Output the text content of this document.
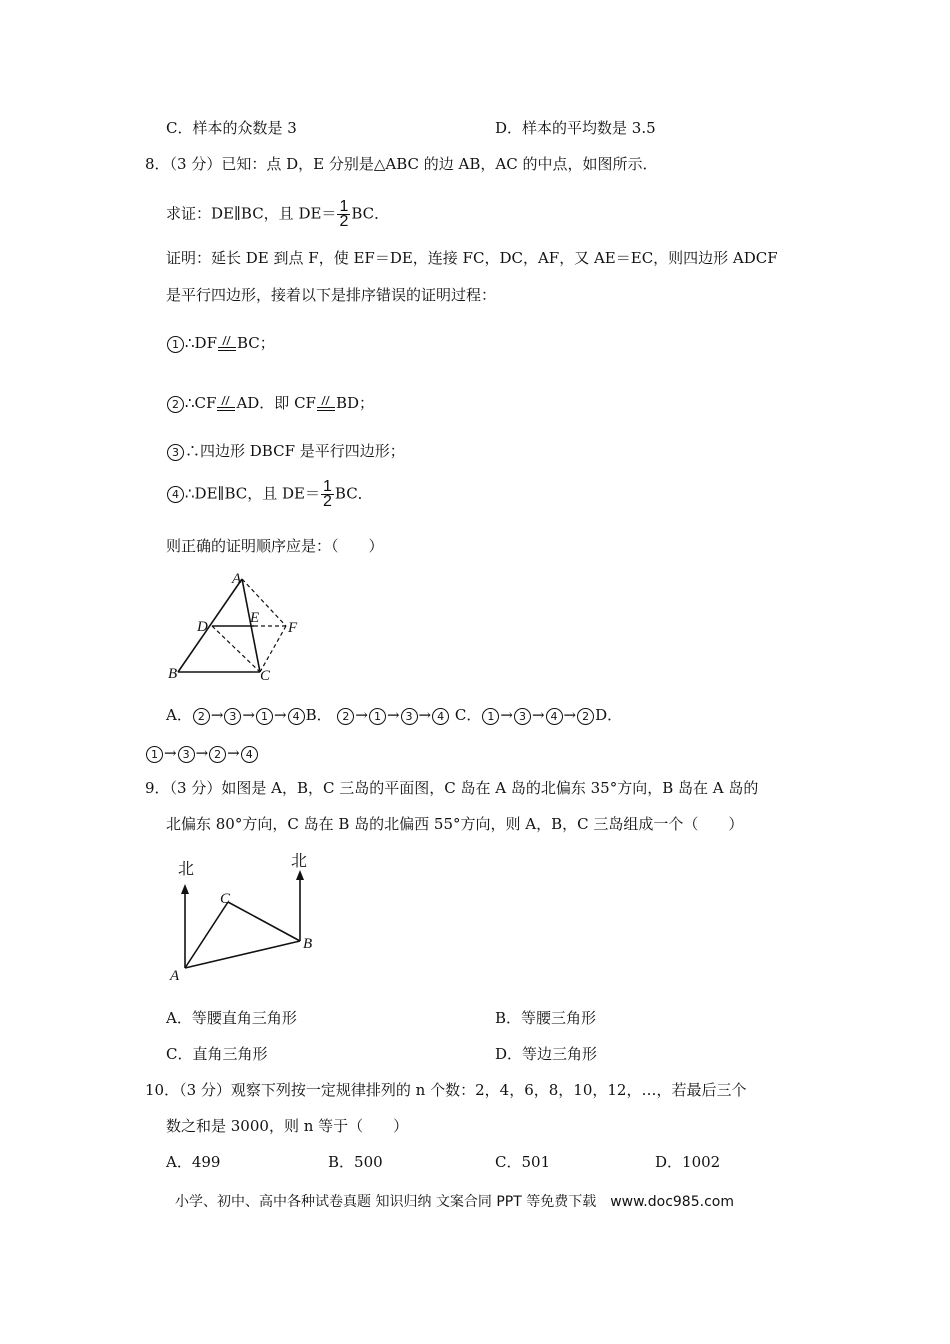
C．样本的众数是 3	D．样本的平均数是 3.5
8．（3 分）已知：点 D，E 分别是△ABC 的边 AB，AC 的中点，如图所示．
求证：DE∥BC，且 $DE= \frac{1}{2}$ BC．
证明：延长 DE 到点 F，使 EF＝DE，连接 FC，DC，AF，又 AE＝EC，则四边形 ADCF
是平行四边形，接着以下是排序错误的证明过程：
1 ∴DF BC；
2 ∴CF AD．即 CF BD；
3 ∴四边形 DBCF 是平行四边形；
4 ∴DE∥BC，且 $DE= \frac{1}{2}$ BC．
则正确的证明顺序应是：（　　）
A
B	C
D
E
F
A． 2 → 3 → 1 → 4 B． 2 → 1 → 3 → 4 C． 1 → 3 → 4 → 2 D．
1 → 3 → 2 → 4
9．（3 分）如图是 A，B，C 三岛的平面图，C 岛在 A 岛的北偏东 35°方向，B 岛在 A 岛的
北偏东 80°方向，C 岛在 B 岛的北偏西 55°方向，则 A，B，C 三岛组成一个（　　）
北	北
A
B
C
A．等腰直角三角形	B．等腰三角形
C．直角三角形	D．等边三角形
10．（3 分）观察下列按一定规律排列的 n 个数：2，4，6，8，10，12，…，若最后三个
数之和是 3000，则 n 等于（　　）
A．499	B．500	C．501	D．1002
小学、初中、高中各种试卷真题 知识归纳 文案合同 PPT 等免费下载　www.doc985.com
